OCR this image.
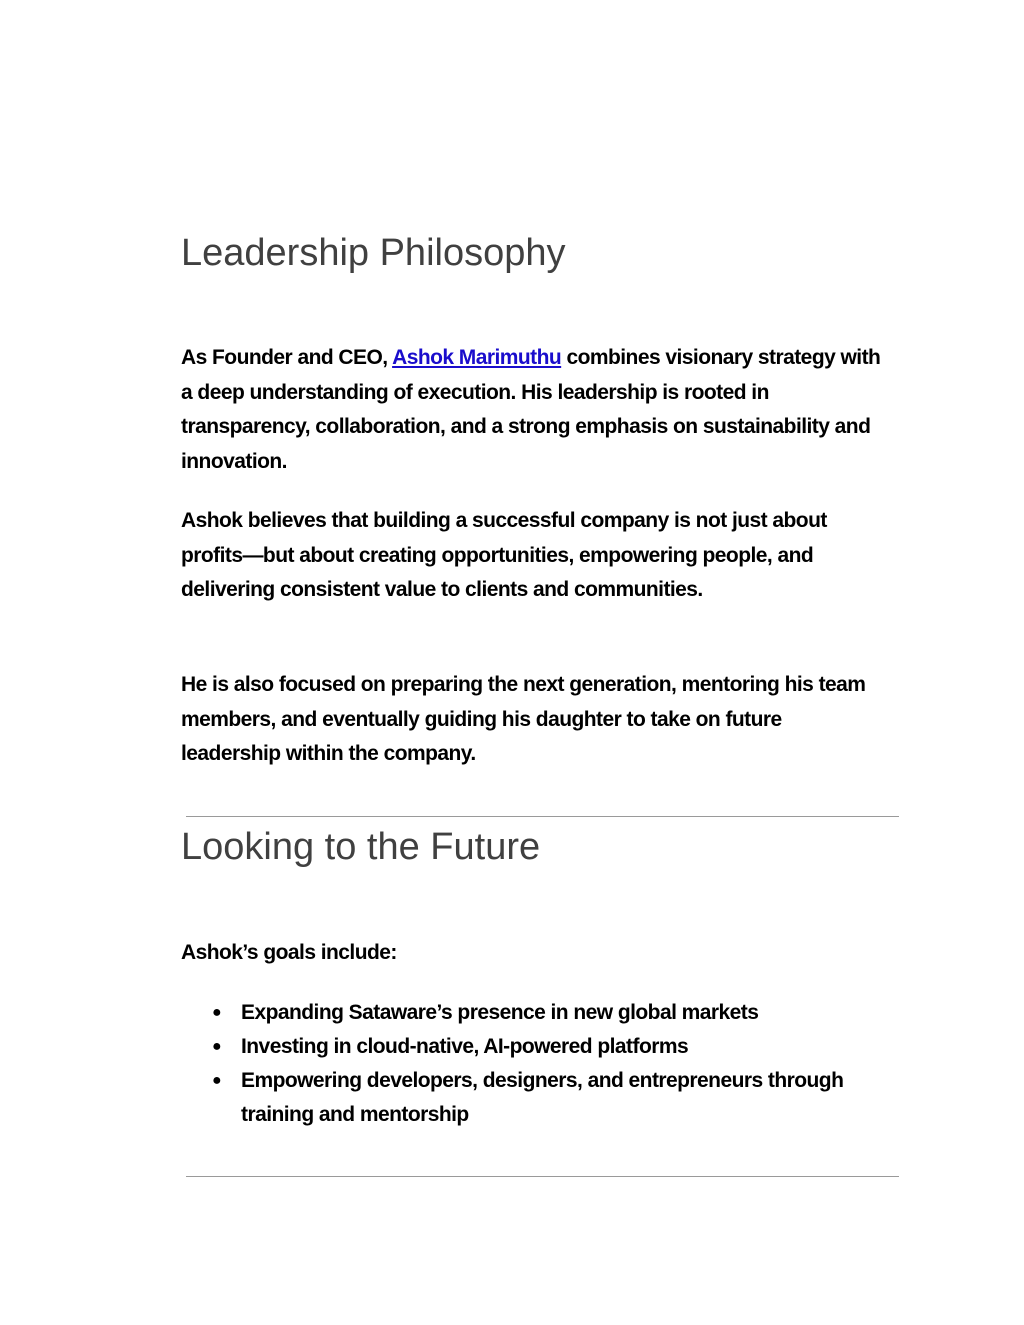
Leadership Philosophy

As Founder and CEO, Ashok Marimuthu combines visionary strategy with a deep understanding of execution. His leadership is rooted in transparency, collaboration, and a strong emphasis on sustainability and innovation.

Ashok believes that building a successful company is not just about profits—but about creating opportunities, empowering people, and delivering consistent value to clients and communities.

He is also focused on preparing the next generation, mentoring his team members, and eventually guiding his daughter to take on future leadership within the company.

Looking to the Future

Ashok’s goals include:

● Expanding Sataware’s presence in new global markets
● Investing in cloud-native, AI-powered platforms
● Empowering developers, designers, and entrepreneurs through training and mentorship
